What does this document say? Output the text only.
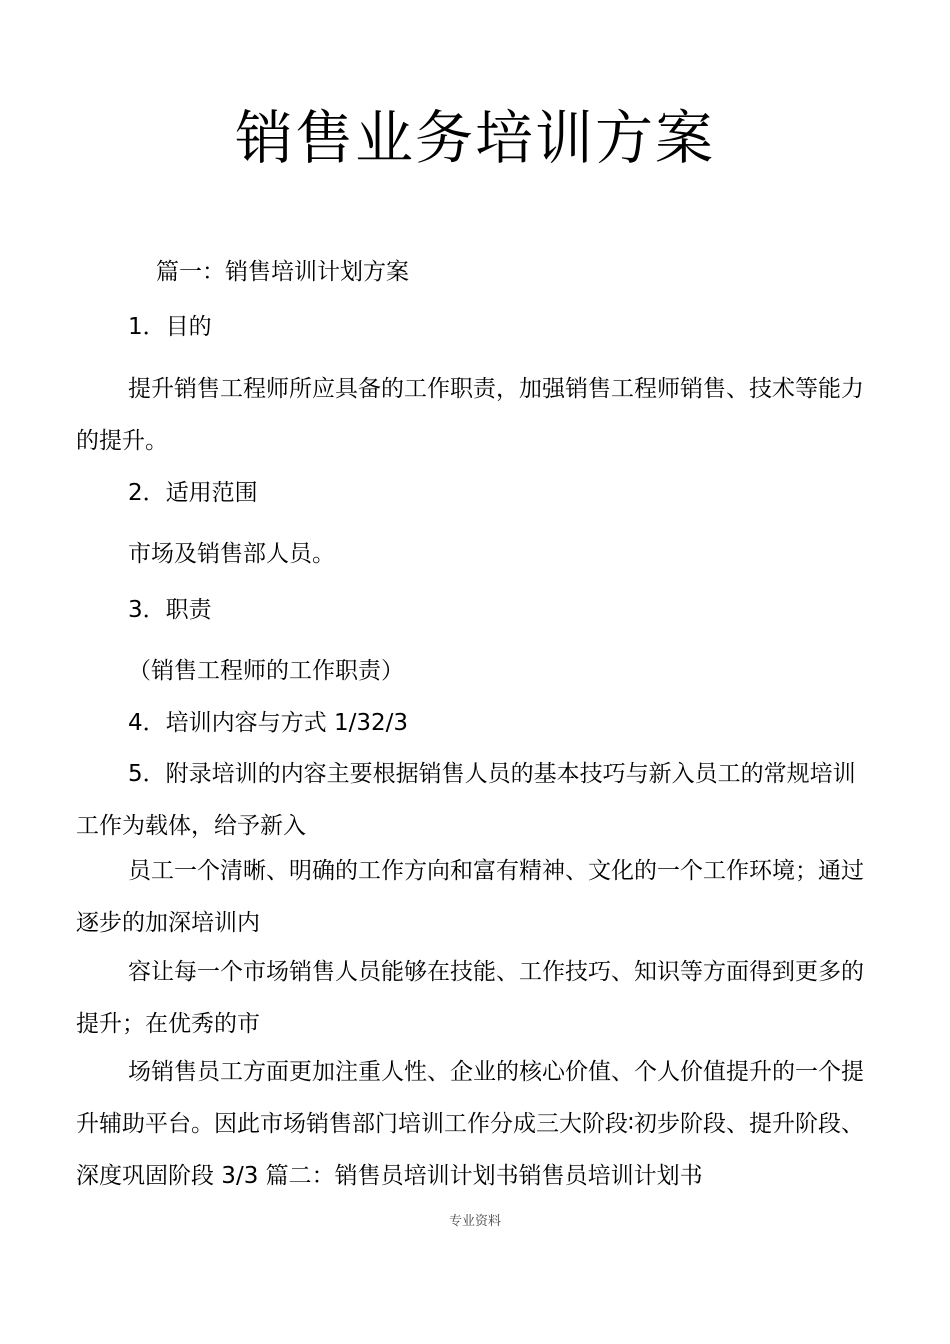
销售业务培训方案

篇一：销售培训计划方案

1．目的

提升销售工程师所应具备的工作职责，加强销售工程师销售、技术等能力的提升。

2．适用范围

市场及销售部人员。

3．职责

（销售工程师的工作职责）

4．培训内容与方式 1/32/3

5．附录培训的内容主要根据销售人员的基本技巧与新入员工的常规培训工作为载体，给予新入

员工一个清晰、明确的工作方向和富有精神、文化的一个工作环境；通过逐步的加深培训内

容让每一个市场销售人员能够在技能、工作技巧、知识等方面得到更多的提升；在优秀的市

场销售员工方面更加注重人性、企业的核心价值、个人价值提升的一个提升辅助平台。因此市场销售部门培训工作分成三大阶段∶初步阶段、提升阶段、深度巩固阶段 3/3 篇二：销售员培训计划书销售员培训计划书

专业资料
